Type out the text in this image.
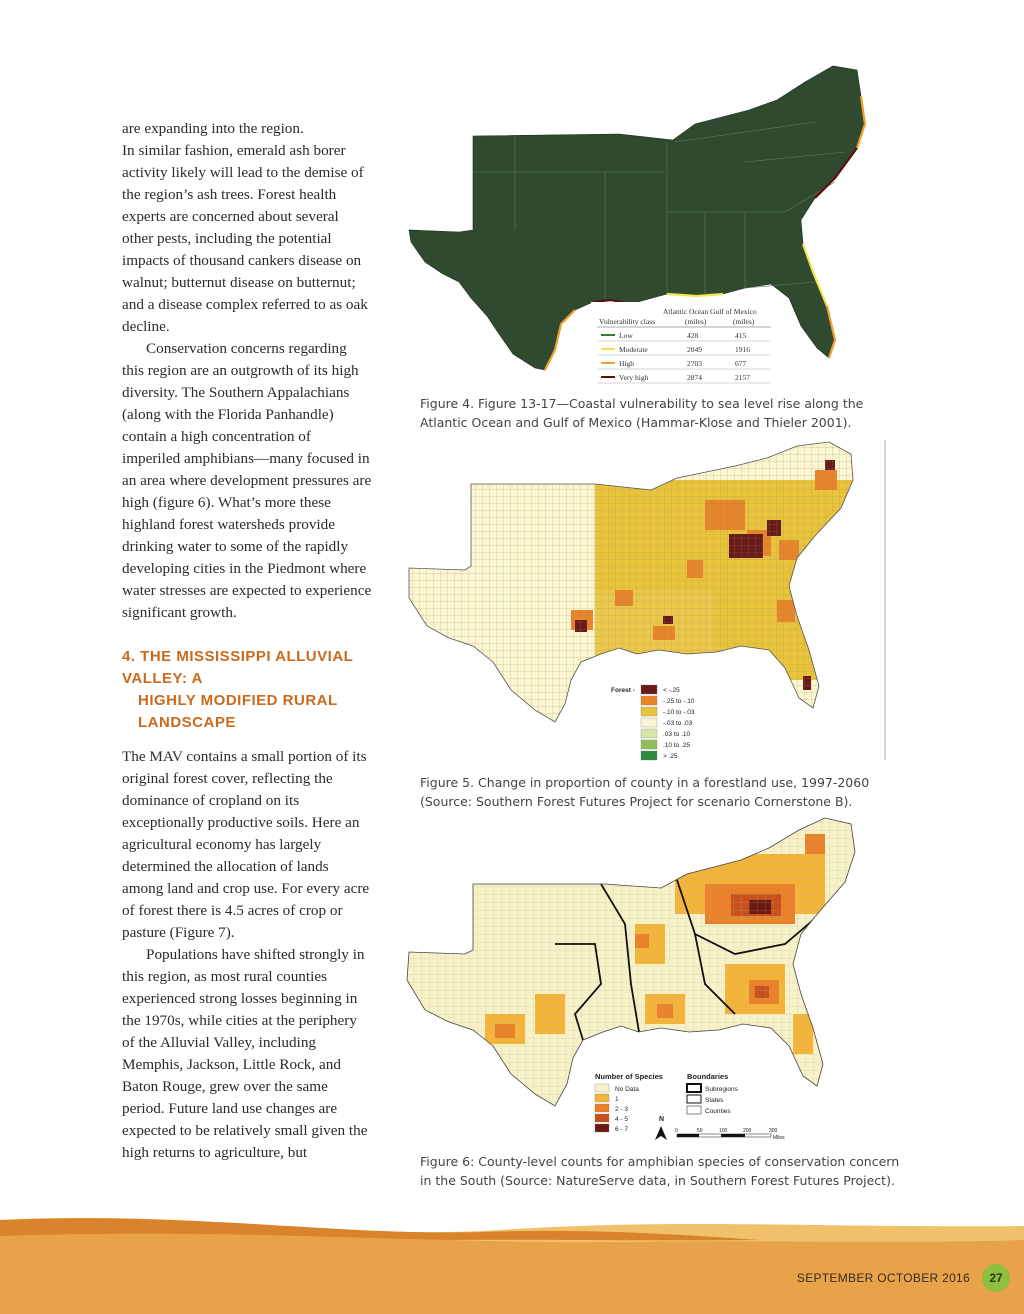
are expanding into the region.

In similar fashion, emerald ash borer activity likely will lead to the demise of the region’s ash trees. Forest health experts are concerned about several other pests, including the potential impacts of thousand cankers disease on walnut; butternut disease on butternut; and a disease complex referred to as oak decline.

Conservation concerns regarding this region are an outgrowth of its high diversity. The Southern Appalachians (along with the Florida Panhandle) contain a high concentration of imperiled amphibians—many focused in an area where development pressures are high (figure 6). What’s more these highland forest watersheds provide drinking water to some of the rapidly developing cities in the Piedmont where water stresses are expected to experience significant growth.

4. THE MISSISSIPPI ALLUVIAL VALLEY: A
HIGHLY MODIFIED RURAL LANDSCAPE

The MAV contains a small portion of its original forest cover, reflecting the dominance of cropland on its exceptionally productive soils. Here an agricultural economy has largely determined the allocation of lands among land and crop use. For every acre of forest there is 4.5 acres of crop or pasture (Figure 7).

Populations have shifted strongly in this region, as most rural counties experienced strong losses beginning in the 1970s, while cities at the periphery of the Alluvial Valley, including Memphis, Jackson, Little Rock, and Baton Rouge, grew over the same period. Future land use changes are expected to be relatively small given the high returns to agriculture, but

Atlantic Ocean Gulf of Mexico
Vulnerability class	(miles)	(miles)
Low	428	415
Moderate	2049	1916
High	2703	677
Very high	2874	2157
Figure 4. Figure 13-17—Coastal vulnerability to sea level rise along the Atlantic Ocean and Gulf of Mexico (Hammar-Klose and Thieler 2001).
Forest -	< -.25
-.25 to -.10
-.10 to -.03
-.03 to .03
.03 to .10
.10 to .25
> .25
Figure 5. Change in proportion of county in a forestland use, 1997-2060 (Source: Southern Forest Futures Project for scenario Cornerstone B).
Number of Species	Boundaries
No Data
1
2 - 3
4 - 5
6 - 7
Subregions
States
Counties
N
0	50	100	200	300
Miles
Figure 6: County-level counts for amphibian species of conservation concern in the South (Source: NatureServe data, in Southern Forest Futures Project).
SEPTEMBER OCTOBER 2016	27
